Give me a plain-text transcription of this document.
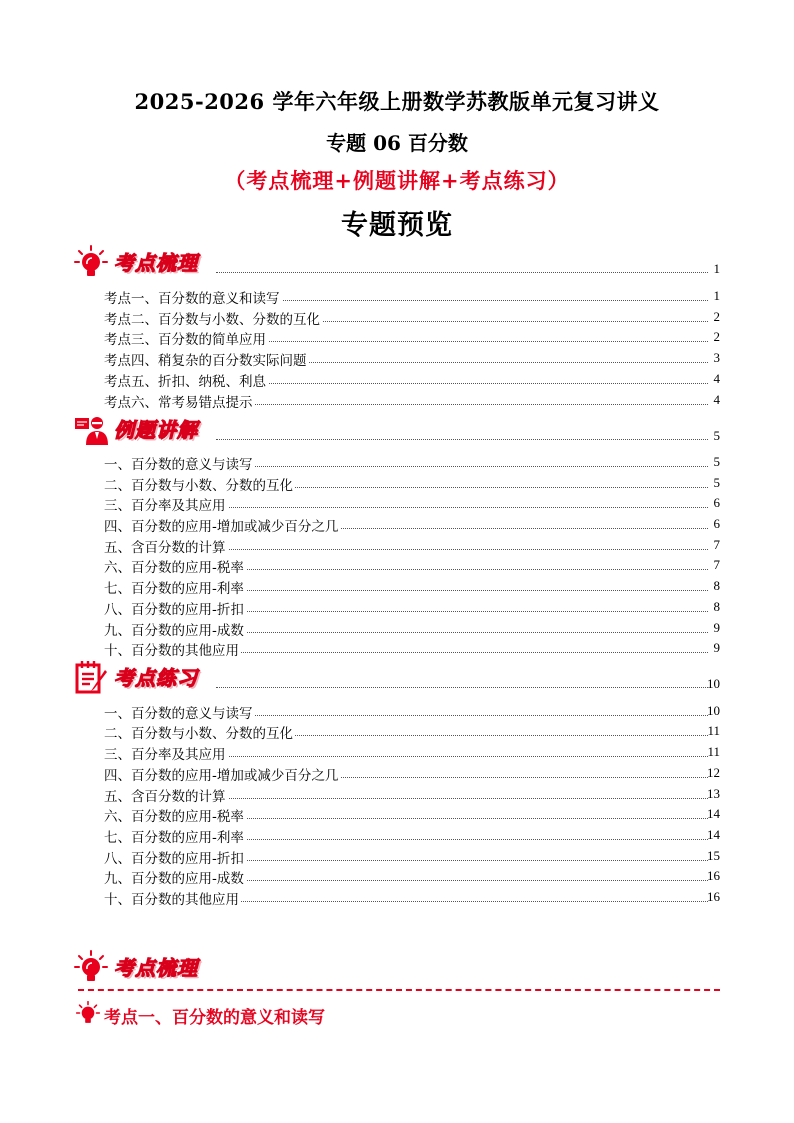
2025-2026 学年六年级上册数学苏教版单元复习讲义
专题 06 百分数
（考点梳理+例题讲解+考点练习）
专题预览
考点梳理	1
考点一、百分数的意义和读写	1
考点二、百分数与小数、分数的互化	2
考点三、百分数的简单应用	2
考点四、稍复杂的百分数实际问题	3
考点五、折扣、纳税、利息	4
考点六、常考易错点提示	4
例题讲解	5
一、百分数的意义与读写	5
二、百分数与小数、分数的互化	5
三、百分率及其应用	6
四、百分数的应用-增加或减少百分之几	6
五、含百分数的计算	7
六、百分数的应用-税率	7
七、百分数的应用-利率	8
八、百分数的应用-折扣	8
九、百分数的应用-成数	9
十、百分数的其他应用	9
考点练习	10
一、百分数的意义与读写	10
二、百分数与小数、分数的互化	11
三、百分率及其应用	11
四、百分数的应用-增加或减少百分之几	12
五、含百分数的计算	13
六、百分数的应用-税率	14
七、百分数的应用-利率	14
八、百分数的应用-折扣	15
九、百分数的应用-成数	16
十、百分数的其他应用	16
考点梳理
考点一、百分数的意义和读写
